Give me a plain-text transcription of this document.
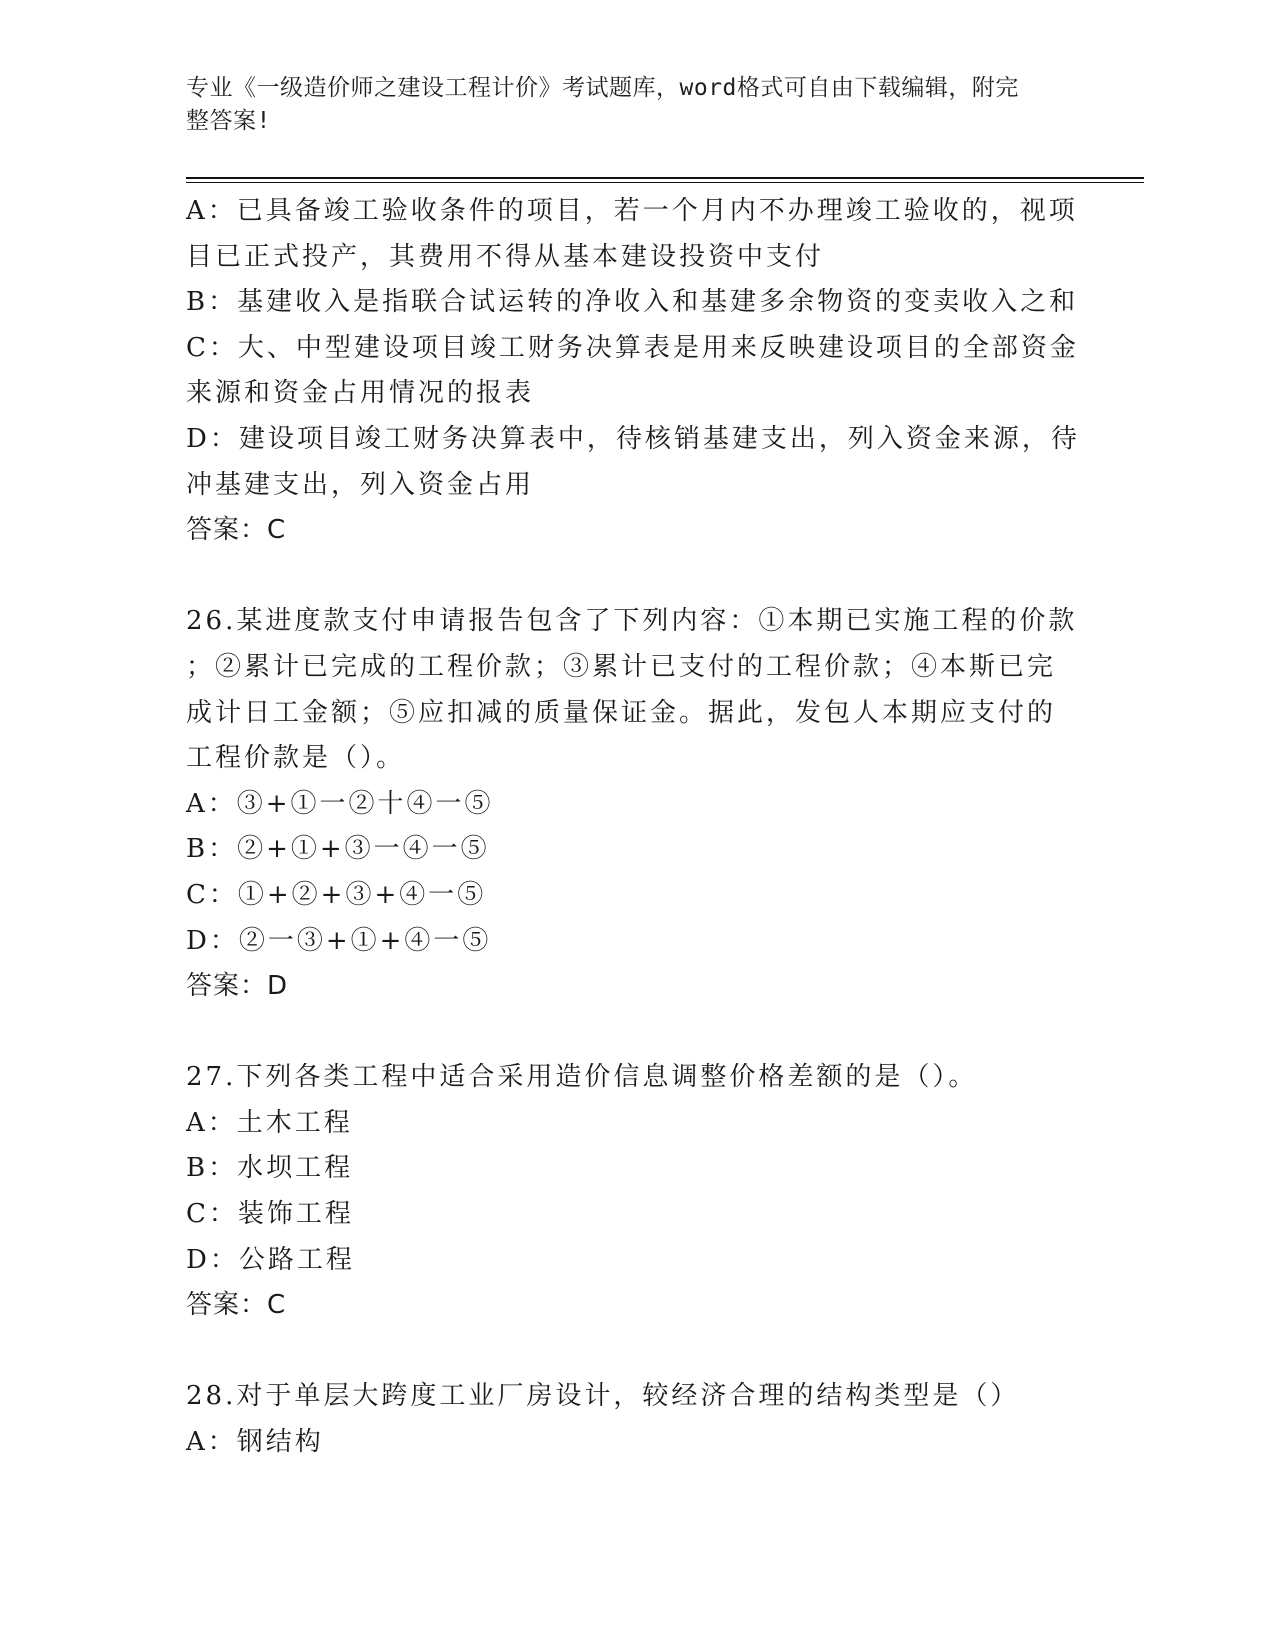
专业《一级造价师之建设工程计价》考试题库，word格式可自由下载编辑，附完
整答案!
A：已具备竣工验收条件的项目，若一个月内不办理竣工验收的，视项
目已正式投产，其费用不得从基本建设投资中支付
B：基建收入是指联合试运转的净收入和基建多余物资的变卖收入之和
C：大、中型建设项目竣工财务决算表是用来反映建设项目的全部资金
来源和资金占用情况的报表
D：建设项目竣工财务决算表中，待核销基建支出，列入资金来源，待
冲基建支出，列入资金占用
答案：C
26.某进度款支付申请报告包含了下列内容：①本期已实施工程的价款
；②累计已完成的工程价款；③累计已支付的工程价款；④本斯已完
成计日工金额；⑤应扣减的质量保证金。据此，发包人本期应支付的
工程价款是（）。
A：③+①一②十④一⑤
B：②+①+③一④一⑤
C：①+②+③+④一⑤
D：②一③+①+④一⑤
答案：D
27.下列各类工程中适合采用造价信息调整价格差额的是（）。
A：土木工程
B：水坝工程
C：装饰工程
D：公路工程
答案：C
28.对于单层大跨度工业厂房设计，较经济合理的结构类型是（）
A：钢结构
